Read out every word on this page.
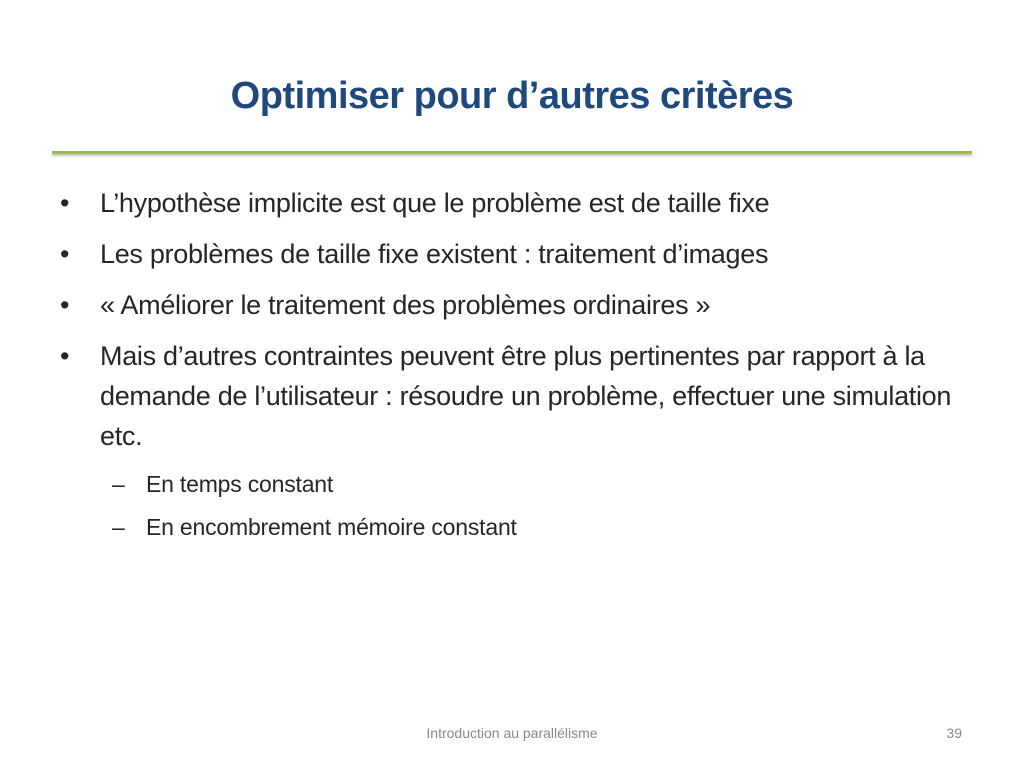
Optimiser pour d’autres critères
• L’hypothèse implicite est que le problème est de taille fixe
• Les problèmes de taille fixe existent : traitement d’images
• « Améliorer le traitement des problèmes ordinaires »
• Mais d’autres contraintes peuvent être plus pertinentes par rapport à la demande de l’utilisateur : résoudre un problème, effectuer une simulation etc.
– En temps constant
– En encombrement mémoire constant
Introduction au parallélisme	39
